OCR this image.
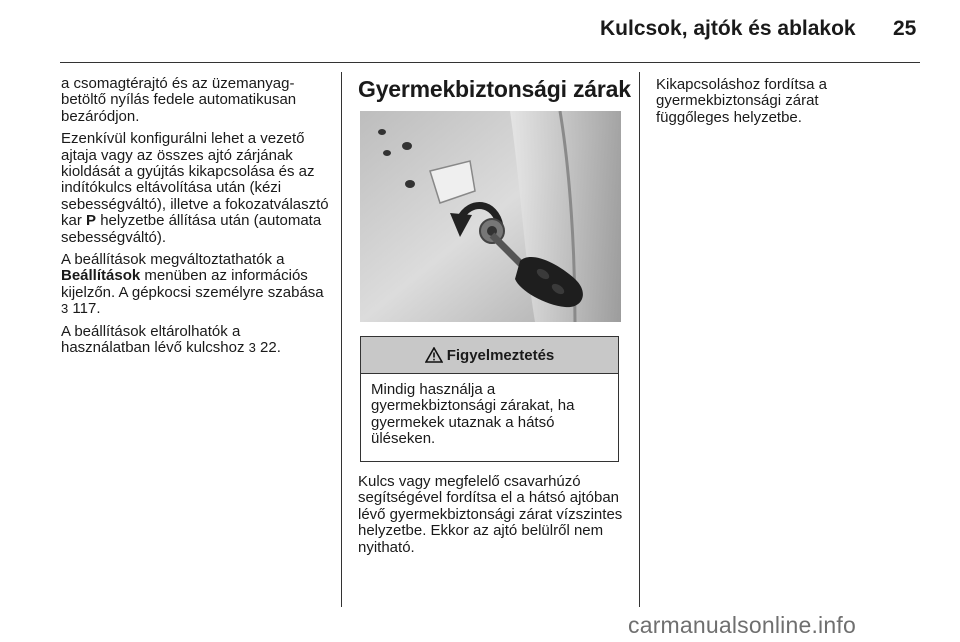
Kulcsok, ajtók és ablakok 25

a csomagtérajtó és az üzemanyag-betöltő nyílás fedele automatikusan bezáródjon.

Ezenkívül konfigurálni lehet a vezető ajtaja vagy az összes ajtó zárjának kioldását a gyújtás kikapcsolása és az indítókulcs eltávolítása után (kézi sebességváltó), illetve a fokozatválasztó kar P helyzetbe állítása után (automata sebességváltó).

A beállítások megváltoztathatók a Beállítások menüben az információs kijelzőn. A gépkocsi személyre szabása 3 117.

A beállítások eltárolhatók a használatban lévő kulcshoz 3 22.

Gyermekbiztonsági zárak
Figyelmeztetés
Mindig használja a gyermekbiztonsági zárakat, ha gyermekek utaznak a hátsó üléseken.
Kulcs vagy megfelelő csavarhúzó segítségével fordítsa el a hátsó ajtóban lévő gyermekbiztonsági zárat vízszintes helyzetbe. Ekkor az ajtó belülről nem nyitható.
Kikapcsoláshoz fordítsa a gyermekbiztonsági zárat függőleges helyzetbe.
carmanualsonline.info
